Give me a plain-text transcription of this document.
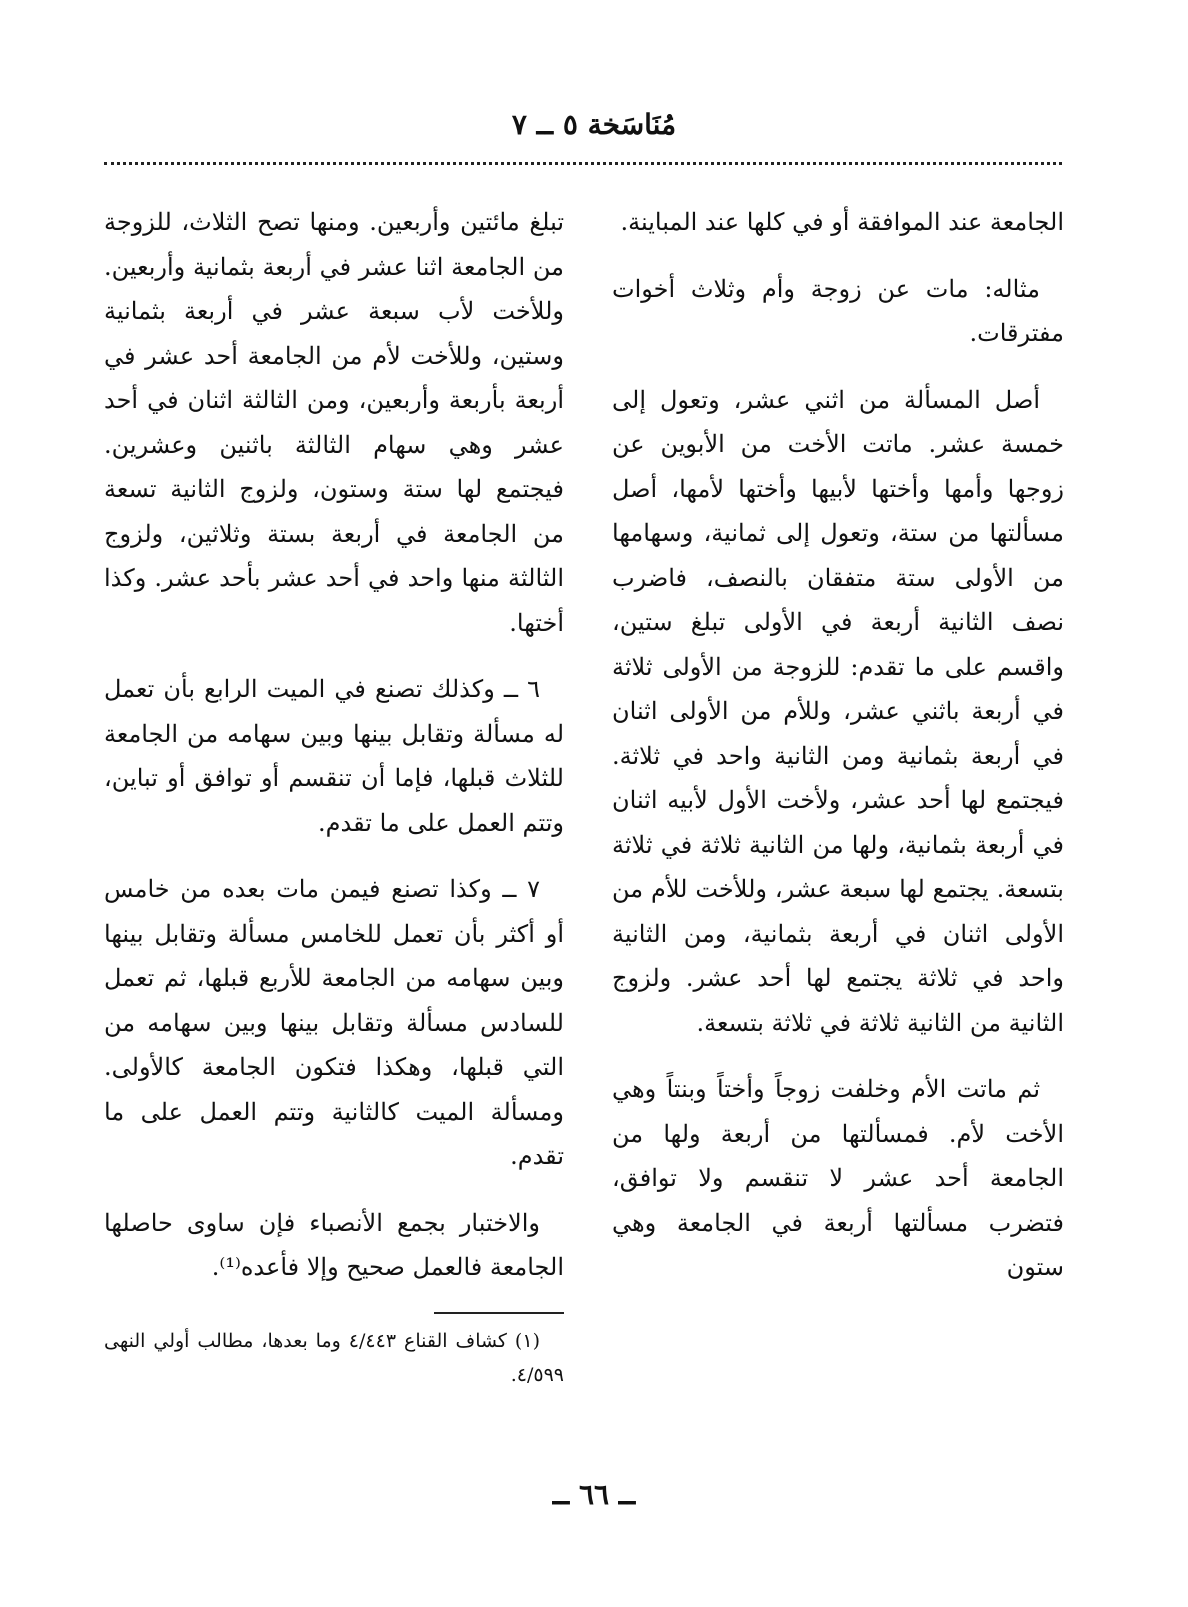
مُنَاسَخة ٥ ــ ٧

الجامعة عند الموافقة أو في كلها عند المباينة.

مثاله: مات عن زوجة وأم وثلاث أخوات مفترقات.

أصل المسألة من اثني عشر، وتعول إلى خمسة عشر. ماتت الأخت من الأبوين عن زوجها وأمها وأختها لأبيها وأختها لأمها، أصل مسألتها من ستة، وتعول إلى ثمانية، وسهامها من الأولى ستة متفقان بالنصف، فاضرب نصف الثانية أربعة في الأولى تبلغ ستين، واقسم على ما تقدم: للزوجة من الأولى ثلاثة في أربعة باثني عشر، وللأم من الأولى اثنان في أربعة بثمانية ومن الثانية واحد في ثلاثة. فيجتمع لها أحد عشر، ولأخت الأول لأبيه اثنان في أربعة بثمانية، ولها من الثانية ثلاثة في ثلاثة بتسعة. يجتمع لها سبعة عشر، وللأخت للأم من الأولى اثنان في أربعة بثمانية، ومن الثانية واحد في ثلاثة يجتمع لها أحد عشر. ولزوج الثانية من الثانية ثلاثة في ثلاثة بتسعة.

ثم ماتت الأم وخلفت زوجاً وأختاً وبنتاً وهي الأخت لأم. فمسألتها من أربعة ولها من الجامعة أحد عشر لا تنقسم ولا توافق، فتضرب مسألتها أربعة في الجامعة وهي ستون

تبلغ مائتين وأربعين. ومنها تصح الثلاث، للزوجة من الجامعة اثنا عشر في أربعة بثمانية وأربعين. وللأخت لأب سبعة عشر في أربعة بثمانية وستين، وللأخت لأم من الجامعة أحد عشر في أربعة بأربعة وأربعين، ومن الثالثة اثنان في أحد عشر وهي سهام الثالثة باثنين وعشرين. فيجتمع لها ستة وستون، ولزوج الثانية تسعة من الجامعة في أربعة بستة وثلاثين، ولزوج الثالثة منها واحد في أحد عشر بأحد عشر. وكذا أختها.

٦ ــ وكذلك تصنع في الميت الرابع بأن تعمل له مسألة وتقابل بينها وبين سهامه من الجامعة للثلاث قبلها، فإما أن تنقسم أو توافق أو تباين، وتتم العمل على ما تقدم.

٧ ــ وكذا تصنع فيمن مات بعده من خامس أو أكثر بأن تعمل للخامس مسألة وتقابل بينها وبين سهامه من الجامعة للأربع قبلها، ثم تعمل للسادس مسألة وتقابل بينها وبين سهامه من التي قبلها، وهكذا فتكون الجامعة كالأولى. ومسألة الميت كالثانية وتتم العمل على ما تقدم.

والاختبار بجمع الأنصباء فإن ساوى حاصلها الجامعة فالعمل صحيح وإلا فأعده⁽¹⁾.

(١) كشاف القناع ٤/٤٤٣ وما بعدها، مطالب أولي النهى ٤/٥٩٩.

ــ ٦٦ ــ
